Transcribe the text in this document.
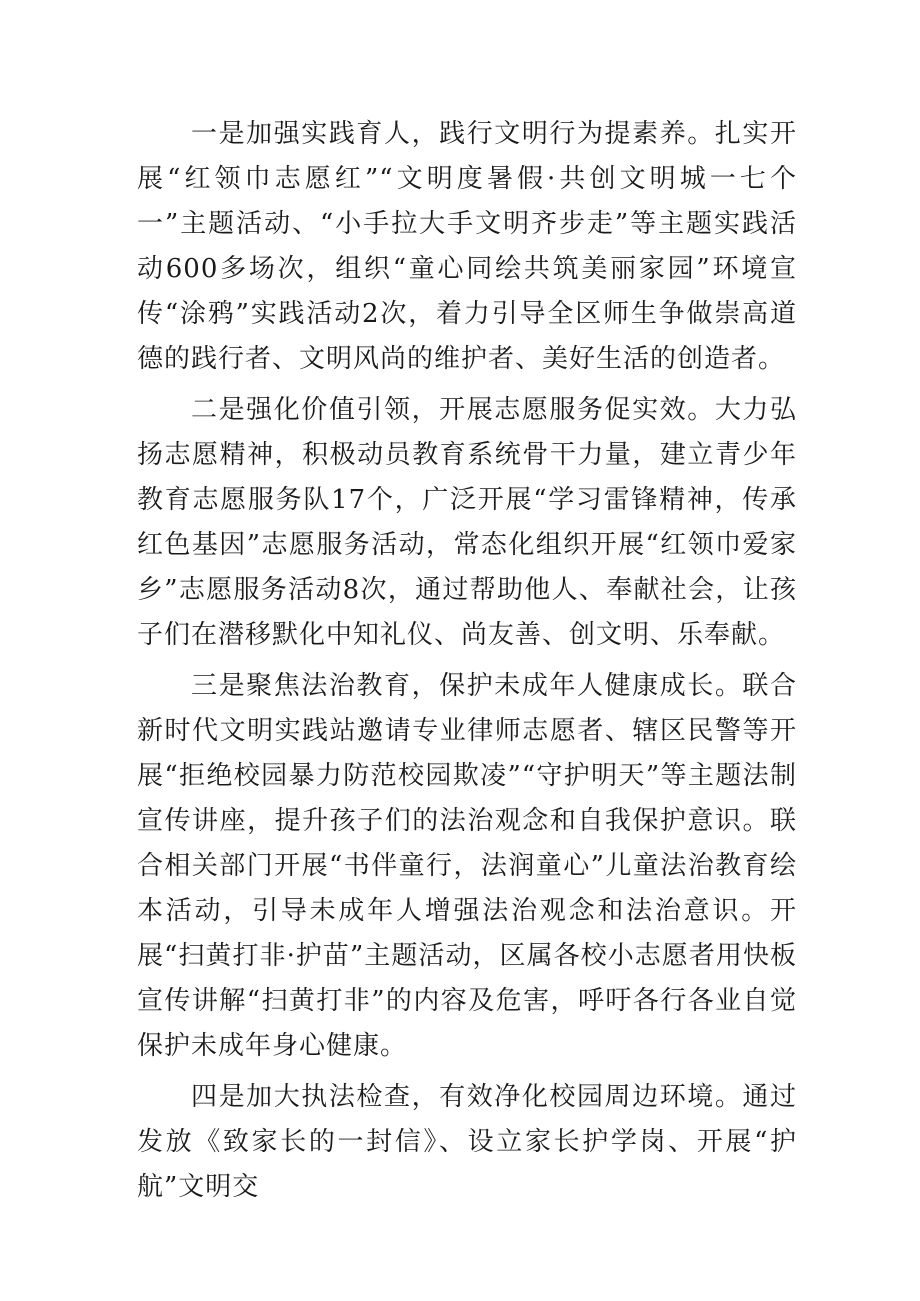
一是加强实践育人，践行文明行为提素养。扎实开展“红领巾志愿红”“文明度暑假·共创文明城一七个一”主题活动、“小手拉大手文明齐步走”等主题实践活动600多场次，组织“童心同绘共筑美丽家园”环境宣传“涂鸦”实践活动2次，着力引导全区师生争做崇高道德的践行者、文明风尚的维护者、美好生活的创造者。

二是强化价值引领，开展志愿服务促实效。大力弘扬志愿精神，积极动员教育系统骨干力量，建立青少年教育志愿服务队17个，广泛开展“学习雷锋精神，传承红色基因”志愿服务活动，常态化组织开展“红领巾爱家乡”志愿服务活动8次，通过帮助他人、奉献社会，让孩子们在潜移默化中知礼仪、尚友善、创文明、乐奉献。

三是聚焦法治教育，保护未成年人健康成长。联合新时代文明实践站邀请专业律师志愿者、辖区民警等开展“拒绝校园暴力防范校园欺凌”“守护明天”等主题法制宣传讲座，提升孩子们的法治观念和自我保护意识。联合相关部门开展“书伴童行，法润童心”儿童法治教育绘本活动，引导未成年人增强法治观念和法治意识。开展“扫黄打非·护苗”主题活动，区属各校小志愿者用快板宣传讲解“扫黄打非”的内容及危害，呼吁各行各业自觉保护未成年身心健康。

四是加大执法检查，有效净化校园周边环境。通过发放《致家长的一封信》、设立家长护学岗、开展“护航”文明交
